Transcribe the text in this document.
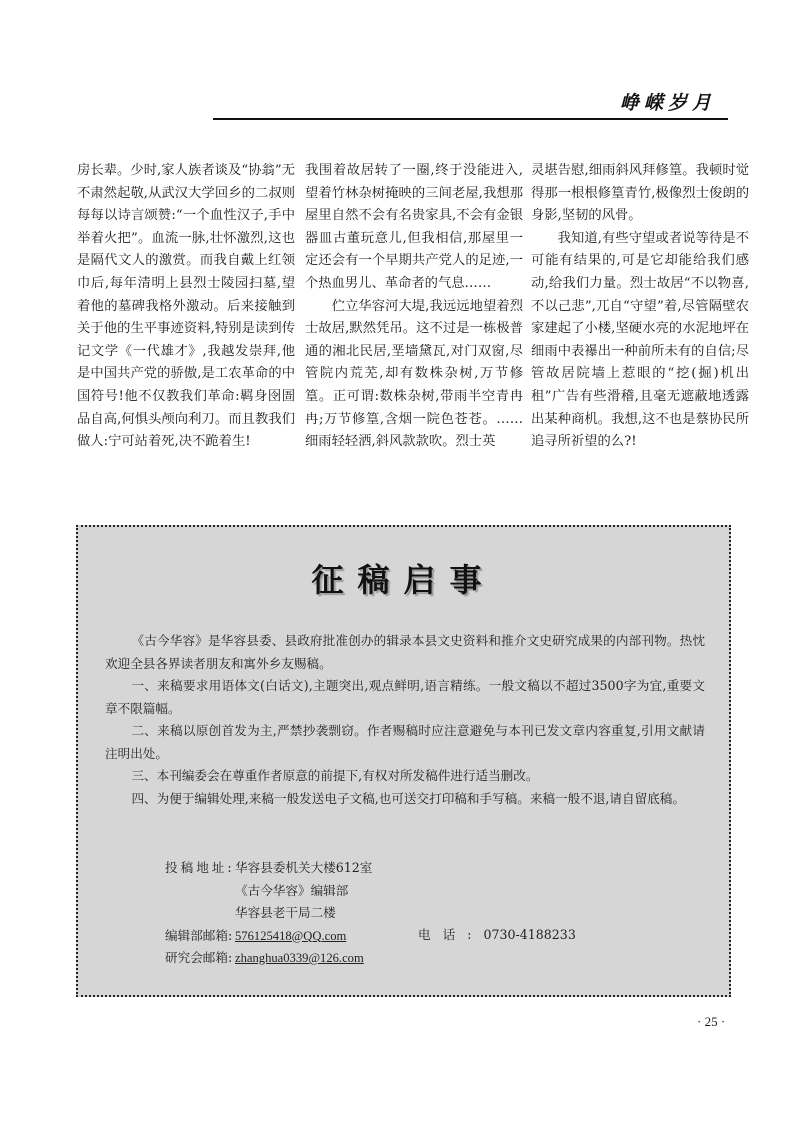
峥嵘岁月

房长辈。少时,家人族者谈及“协翁”无不肃然起敬,从武汉大学回乡的二叔则每每以诗言颂赞:“一个血性汉子,手中举着火把”。血流一脉,壮怀激烈,这也是隔代文人的激赏。而我自戴上红领巾后,每年清明上县烈士陵园扫墓,望着他的墓碑我格外激动。后来接触到关于他的生平事迹资料,特别是读到传记文学《一代雄才》,我越发崇拜,他是中国共产党的骄傲,是工农革命的中国符号!他不仅教我们革命:羁身囹圄品自高,何惧头颅向利刀。而且教我们做人:宁可站着死,决不跪着生!

我围着故居转了一圈,终于没能进入,望着竹林杂树掩映的三间老屋,我想那屋里自然不会有名贵家具,不会有金银器皿古董玩意儿,但我相信,那屋里一定还会有一个早期共产党人的足迹,一个热血男儿、革命者的气息……

伫立华容河大堤,我远远地望着烈士故居,默然凭吊。这不过是一栋极普通的湘北民居,垩墙黛瓦,对门双窗,尽管院内荒芜,却有数株杂树,万节修篁。正可谓:数株杂树,带雨半空青冉冉;万节修篁,含烟一院色苍苍。……细雨轻轻洒,斜风款款吹。烈士英

灵堪告慰,细雨斜风拜修篁。我顿时觉得那一根根修篁青竹,极像烈士俊朗的身影,坚韧的风骨。

我知道,有些守望或者说等待是不可能有结果的,可是它却能给我们感动,给我们力量。烈士故居“不以物喜,不以己悲”,兀自“守望”着,尽管隔壁农家建起了小楼,坚硬水亮的水泥地坪在细雨中表襮出一种前所未有的自信;尽管故居院墙上惹眼的“挖(掘)机出租”广告有些滑稽,且毫无遮蔽地透露出某种商机。我想,这不也是蔡协民所追寻所祈望的么?!

征稿启事

《古今华容》是华容县委、县政府批准创办的辑录本县文史资料和推介文史研究成果的内部刊物。热忱欢迎全县各界读者朋友和寓外乡友赐稿。

一、来稿要求用语体文(白话文),主题突出,观点鲜明,语言精练。一般文稿以不超过3500字为宜,重要文章不限篇幅。

二、来稿以原创首发为主,严禁抄袭剽窃。作者赐稿时应注意避免与本刊已发文章内容重复,引用文献请注明出处。

三、本刊编委会在尊重作者原意的前提下,有权对所发稿件进行适当删改。

四、为便于编辑处理,来稿一般发送电子文稿,也可送交打印稿和手写稿。来稿一般不退,请自留底稿。

投稿地址:华容县委机关大楼612室
《古今华容》编辑部
华容县老干局二楼
编辑部邮箱: 576125418@QQ.com
研究会邮箱: zhanghua0339@126.com
电话:0730-4188233
· 25 ·
